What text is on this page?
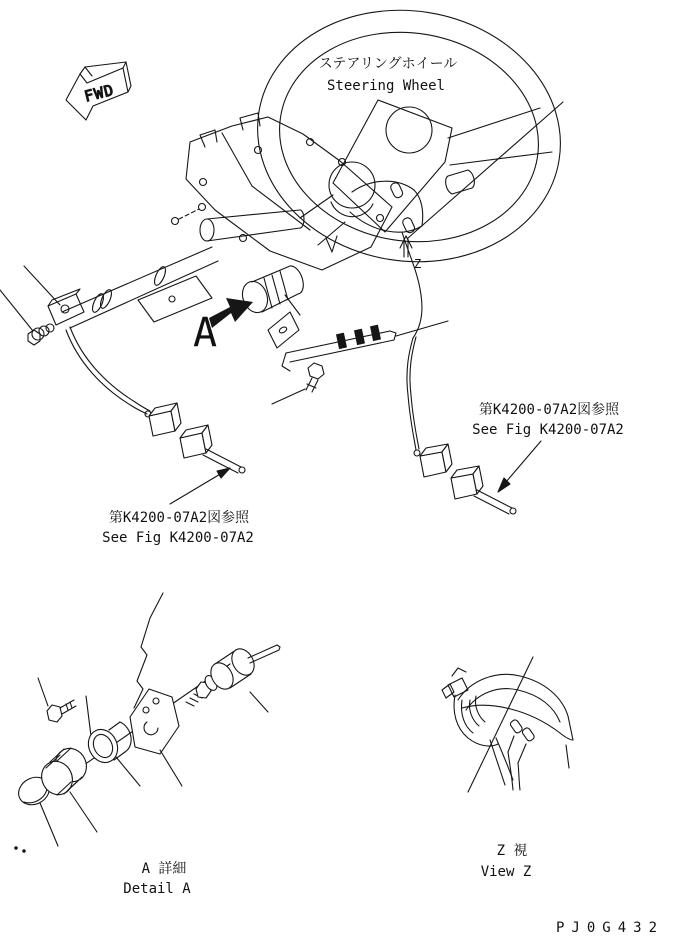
FWD
ステアリングホイール
Steering Wheel
第K4200-07A2図参照
See Fig K4200-07A2
第K4200-07A2図参照
See Fig K4200-07A2
A
Z
A 詳細
Detail A
Z 視
View Z
PJ0G432
